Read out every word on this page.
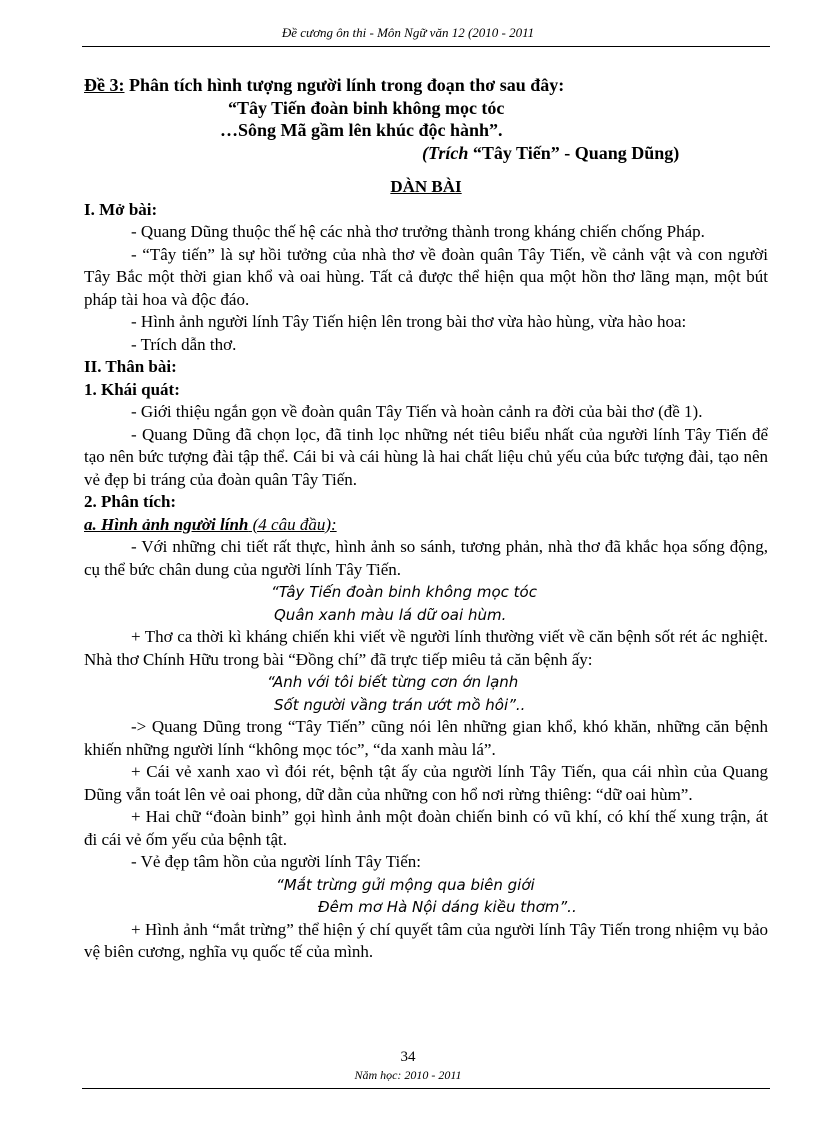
Đề cương ôn thi - Môn Ngữ văn 12 (2010 - 2011
Đề 3: Phân tích hình tượng người lính trong đoạn thơ sau đây:
“Tây Tiến đoàn binh không mọc tóc
…Sông Mã gầm lên khúc độc hành”.
(Trích “Tây Tiến” - Quang Dũng)
DÀN BÀI
I. Mở bài:
- Quang Dũng thuộc thế hệ các nhà thơ trưởng thành trong kháng chiến chống Pháp.
- “Tây tiến” là sự hồi tưởng của nhà thơ về đoàn quân Tây Tiến, về cảnh vật và con người Tây Bắc một thời gian khổ và oai hùng. Tất cả được thể hiện qua một hồn thơ lãng mạn, một bút pháp tài hoa và độc đáo.
- Hình ảnh người lính Tây Tiến hiện lên trong bài thơ vừa hào hùng, vừa hào hoa:
- Trích dẫn thơ.
II. Thân bài:
1. Khái quát:
- Giới thiệu ngắn gọn về đoàn quân Tây Tiến và hoàn cảnh ra đời của bài thơ (đề 1).
- Quang Dũng đã chọn lọc, đã tinh lọc những nét tiêu biểu nhất của người lính Tây Tiến để tạo nên bức tượng đài tập thể. Cái bi và cái hùng là hai chất liệu chủ yếu của bức tượng đài, tạo nên vẻ đẹp bi tráng của đoàn quân Tây Tiến.
2. Phân tích:
a. Hình ảnh người lính (4 câu đầu):
- Với những chi tiết rất thực, hình ảnh so sánh, tương phản, nhà thơ đã khắc họa sống động, cụ thể bức chân dung của người lính Tây Tiến.
“Tây Tiến đoàn binh không mọc tóc
Quân xanh màu lá dữ oai hùm.
+ Thơ ca thời kì kháng chiến khi viết về người lính thường viết về căn bệnh sốt rét ác nghiệt. Nhà thơ Chính Hữu trong bài “Đồng chí” đã trực tiếp miêu tả căn bệnh ấy:
“Anh với tôi biết từng cơn ớn lạnh
Sốt người vầng trán ướt mồ hôi”..
-> Quang Dũng trong “Tây Tiến” cũng nói lên những gian khổ, khó khăn, những căn bệnh khiến những người lính “không mọc tóc”, “da xanh màu lá”.
+ Cái vẻ xanh xao vì đói rét, bệnh tật ấy của người lính Tây Tiến, qua cái nhìn của Quang Dũng vẫn toát lên vẻ oai phong, dữ dằn của những con hổ nơi rừng thiêng: “dữ oai hùm”.
+ Hai chữ “đoàn binh” gọi hình ảnh một đoàn chiến binh có vũ khí, có khí thế xung trận, át đi cái vẻ ốm yếu của bệnh tật.
- Vẻ đẹp tâm hồn của người lính Tây Tiến:
“Mắt trừng gửi mộng qua biên giới
Đêm mơ Hà Nội dáng kiều thơm”..
+ Hình ảnh “mắt trừng” thể hiện ý chí quyết tâm của người lính Tây Tiến trong nhiệm vụ bảo vệ biên cương, nghĩa vụ quốc tế của mình.
34
Năm học: 2010 - 2011
